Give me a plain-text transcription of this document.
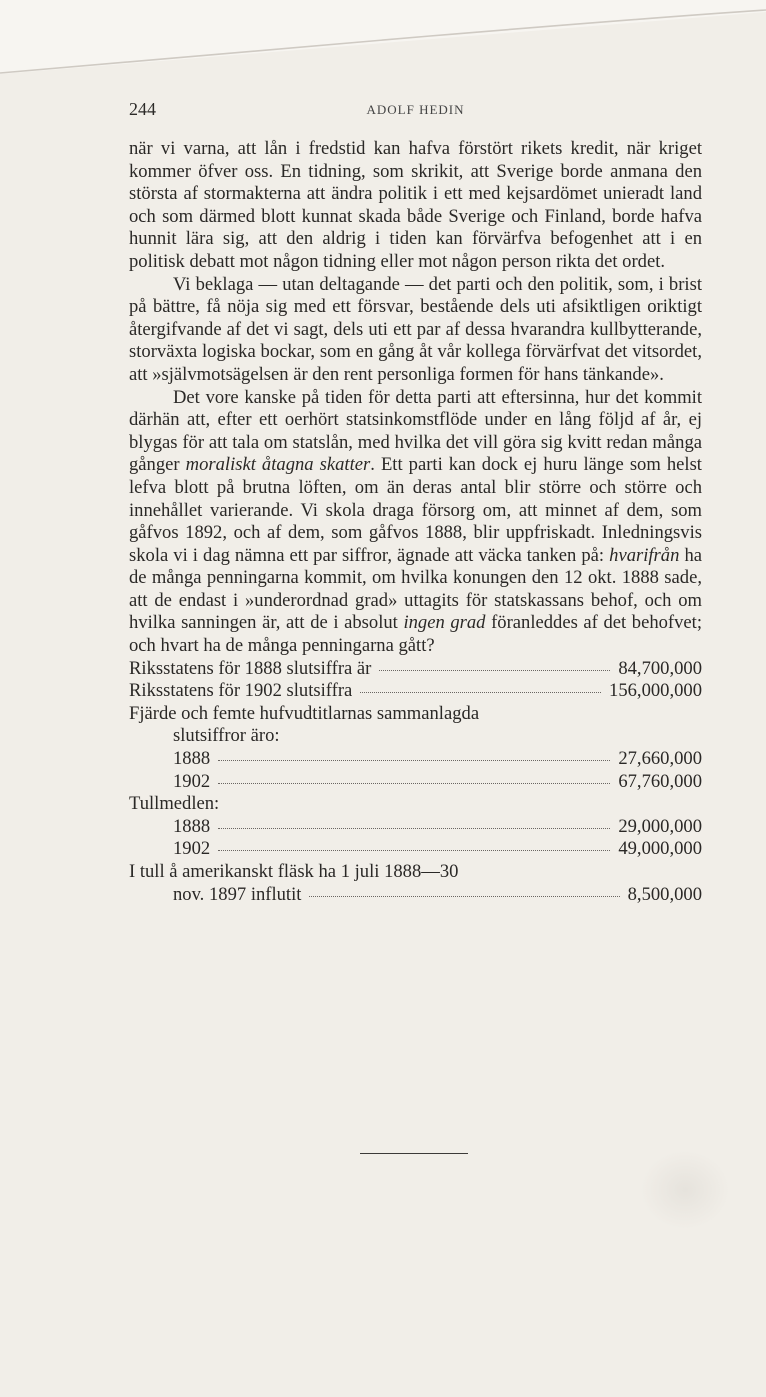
244	ADOLF HEDIN

när vi varna, att lån i fredstid kan hafva förstört rikets kredit, när kriget kommer öfver oss. En tidning, som skrikit, att Sverige borde anmana den största af stormakterna att ändra politik i ett med kejsardömet unieradt land och som därmed blott kunnat skada både Sverige och Finland, borde hafva hunnit lära sig, att den aldrig i tiden kan förvärfva befogenhet att i en politisk debatt mot någon tidning eller mot någon person rikta det ordet.

Vi beklaga — utan deltagande — det parti och den politik, som, i brist på bättre, få nöja sig med ett försvar, bestående dels uti afsiktligen oriktigt återgifvande af det vi sagt, dels uti ett par af dessa hvarandra kullbytterande, storväxta logiska bockar, som en gång åt vår kollega förvärfvat det vitsordet, att »självmotsägelsen är den rent personliga formen för hans tänkande».

Det vore kanske på tiden för detta parti att eftersinna, hur det kommit därhän att, efter ett oerhört statsinkomstflöde under en lång följd af år, ej blygas för att tala om statslån, med hvilka det vill göra sig kvitt redan många gånger moraliskt åtagna skatter. Ett parti kan dock ej huru länge som helst lefva blott på brutna löften, om än deras antal blir större och större och innehållet varierande. Vi skola draga försorg om, att minnet af dem, som gåfvos 1892, och af dem, som gåfvos 1888, blir uppfriskadt. Inledningsvis skola vi i dag nämna ett par siffror, ägnade att väcka tanken på: hvarifrån ha de många penningarna kommit, om hvilka konungen den 12 okt. 1888 sade, att de endast i »underordnad grad» uttagits för statskassans behof, och om hvilka sanningen är, att de i absolut ingen grad föranleddes af det behofvet; och hvart ha de många penningarna gått?

Riksstatens för 1888 slutsiffra är	84,700,000
Riksstatens för 1902 slutsiffra	156,000,000
Fjärde och femte hufvudtitlarnas sammanlagda
slutsiffror äro:
1888	27,660,000
1902	67,760,000
Tullmedlen:
1888	29,000,000
1902	49,000,000
I tull å amerikanskt fläsk ha 1 juli 1888—30
nov. 1897 influtit	8,500,000
